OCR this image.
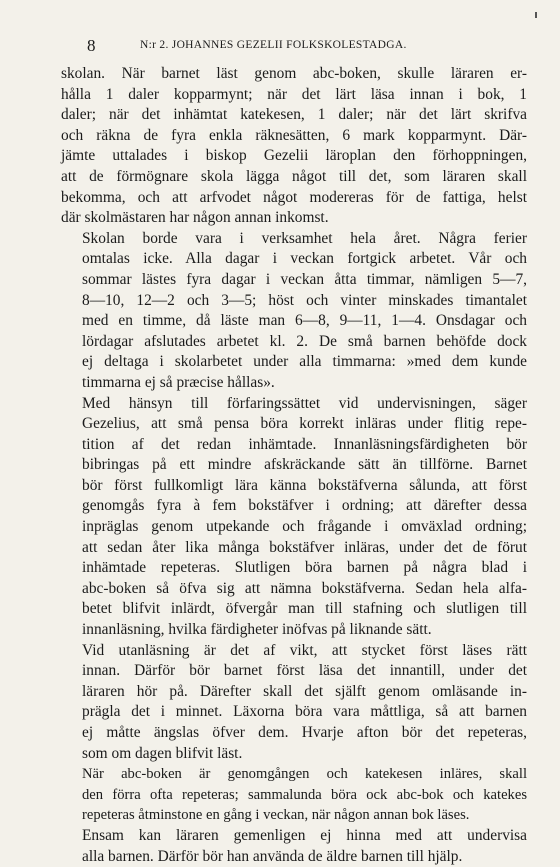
8	N:r 2. JOHANNES GEZELII FOLKSKOLESTADGA.

skolan. När barnet läst genom abc-boken, skulle läraren er-
hålla 1 daler kopparmynt; när det lärt läsa innan i bok, 1
daler; när det inhämtat katekesen, 1 daler; när det lärt skrifva
och räkna de fyra enkla räknesätten, 6 mark kopparmynt. Där-
jämte uttalades i biskop Gezelii läroplan den förhoppningen,
att de förmögnare skola lägga något till det, som läraren skall
bekomma, och att arfvodet något modereras för de fattiga, helst
där skolmästaren har någon annan inkomst.

Skolan borde vara i verksamhet hela året. Några ferier
omtalas icke. Alla dagar i veckan fortgick arbetet. Vår och
sommar lästes fyra dagar i veckan åtta timmar, nämligen 5—7,
8—10, 12—2 och 3—5; höst och vinter minskades timantalet
med en timme, då läste man 6—8, 9—11, 1—4. Onsdagar och
lördagar afslutades arbetet kl. 2. De små barnen behöfde dock
ej deltaga i skolarbetet under alla timmarna: »med dem kunde
timmarna ej så præcise hållas».

Med hänsyn till förfaringssättet vid undervisningen, säger
Gezelius, att små pensa böra korrekt inläras under flitig repe-
tition af det redan inhämtade. Innanläsningsfärdigheten bör
bibringas på ett mindre afskräckande sätt än tillförne. Barnet
bör först fullkomligt lära känna bokstäfverna sålunda, att först
genomgås fyra à fem bokstäfver i ordning; att därefter dessa
inpräglas genom utpekande och frågande i omväxlad ordning;
att sedan åter lika många bokstäfver inläras, under det de förut
inhämtade repeteras. Slutligen böra barnen på några blad i
abc-boken så öfva sig att nämna bokstäfverna. Sedan hela alfa-
betet blifvit inlärdt, öfvergår man till stafning och slutligen till
innanläsning, hvilka färdigheter inöfvas på liknande sätt.

Vid utanläsning är det af vikt, att stycket först läses rätt
innan. Därför bör barnet först läsa det innantill, under det
läraren hör på. Därefter skall det själft genom omläsande in-
prägla det i minnet. Läxorna böra vara måttliga, så att barnen
ej måtte ängslas öfver dem. Hvarje afton bör det repeteras,
som om dagen blifvit läst.

När abc-boken är genomgången och katekesen inläres, skall
den förra ofta repeteras; sammalunda böra ock abc-bok och katekes
repeteras åtminstone en gång i veckan, när någon annan bok läses.

Ensam kan läraren gemenligen ej hinna med att undervisa
alla barnen. Därför bör han använda de äldre barnen till hjälp.
